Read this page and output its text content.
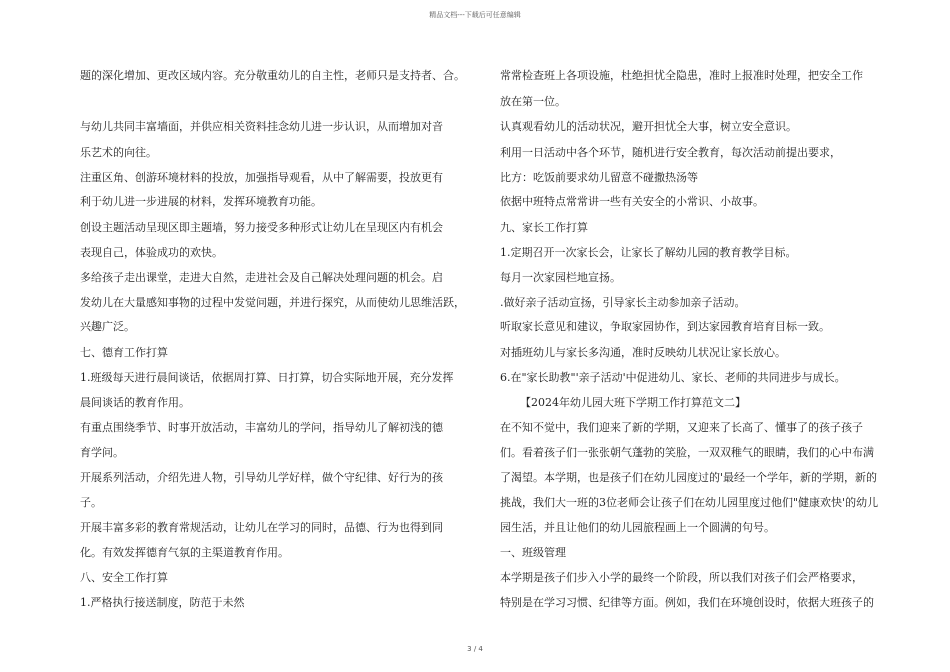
精品文档---下载后可任意编辑
题的深化增加、更改区域内容。充分敬重幼儿的自主性，老师只是支持者、合。
与幼儿共同丰富墙面，并供应相关资料挂念幼儿进一步认识，从而增加对音
乐艺术的向往。
注重区角、创游环境材料的投放，加强指导观看，从中了解需要，投放更有
利于幼儿进一步进展的材料，发挥环境教育功能。
创设主题活动呈现区即主题墙，努力接受多种形式让幼儿在呈现区内有机会
表现自己，体验成功的欢快。
多给孩子走出课堂，走进大自然，走进社会及自己解决处理问题的机会。启
发幼儿在大量感知事物的过程中发觉问题，并进行探究，从而使幼儿思维活跃，
兴趣广泛。
七、德育工作打算
1.班级每天进行晨间谈话，依据周打算、日打算，切合实际地开展，充分发挥
晨间谈话的教育作用。
有重点围绕季节、时事开放活动，丰富幼儿的学问，指导幼儿了解初浅的德
育学问。
开展系列活动，介绍先进人物，引导幼儿学好样，做个守纪律、好行为的孩
子。
开展丰富多彩的教育常规活动，让幼儿在学习的同时，品德、行为也得到同
化。有效发挥德育气氛的主渠道教育作用。
八、安全工作打算
1.严格执行接送制度，防范于未然
常常检查班上各项设施，杜绝担忧全隐患，准时上报准时处理，把安全工作
放在第一位。
认真观看幼儿的活动状况，避开担忧全大事，树立安全意识。
利用一日活动中各个环节，随机进行安全教育，每次活动前提出要求，
比方：吃饭前要求幼儿留意不碰撒热汤等
依据中班特点常常讲一些有关安全的小常识、小故事。
九、家长工作打算
1.定期召开一次家长会，让家长了解幼儿园的教育教学目标。
每月一次家园栏地宣扬。
.做好亲子活动宣扬，引导家长主动参加亲子活动。
听取家长意见和建议，争取家园协作，到达家园教育培育目标一致。
对插班幼儿与家长多沟通，准时反映幼儿状况让家长放心。
6.在"家长助教"'亲子活动'中促进幼儿、家长、老师的共同进步与成长。
【2024年幼儿园大班下学期工作打算范文二】
在不知不觉中，我们迎来了新的学期，又迎来了长高了、懂事了的孩子孩子
们。看着孩子们一张张朝气蓬勃的笑脸，一双双稚气的眼睛，我们的心中布满
了渴望。本学期，也是孩子们在幼儿园度过的'最经一个学年，新的学期，新的
挑战，我们大一班的3位老师会让孩子们在幼儿园里度过他们"健康欢快'的幼儿
园生活，并且让他们的幼儿园旅程画上一个圆满的句号。
一、班级管理
本学期是孩子们步入小学的最终一个阶段，所以我们对孩子们会严格要求，
特别是在学习习惯、纪律等方面。例如，我们在环境创设时，依据大班孩子的
3 / 4
